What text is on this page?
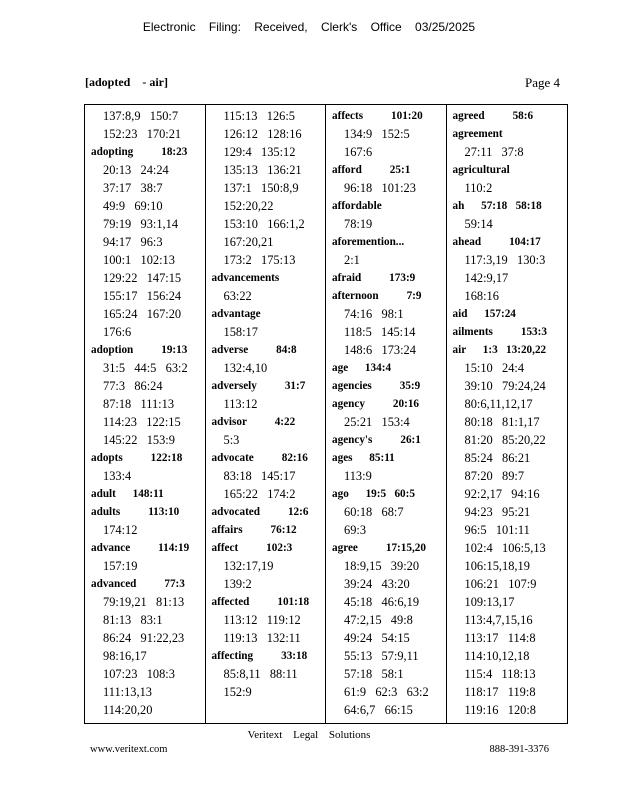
Electronic Filing: Received, Clerk's Office 03/25/2025
[adopted    - air]	Page 4
137:8,9   150:7
152:23   170:21
adopting          18:23
20:13   24:24
37:17   38:7
49:9   69:10
79:19   93:1,14
94:17   96:3
100:1   102:13
129:22   147:15
155:17   156:24
165:24   167:20
176:6
adoption          19:13
31:5   44:5   63:2
77:3   86:24
87:18   111:13
114:23   122:15
145:22   153:9
adopts          122:18
133:4
adult      148:11
adults          113:10
174:12
advance          114:19
157:19
advanced          77:3
79:19,21   81:13
81:13   83:1
86:24   91:22,23
98:16,17
107:23   108:3
111:13,13
114:20,20
115:13   126:5
126:12   128:16
129:4   135:12
135:13   136:21
137:1   150:8,9
152:20,22
153:10   166:1,2
167:20,21
173:2   175:13
advancements
63:22
advantage
158:17
adverse          84:8
132:4,10
adversely          31:7
113:12
advisor          4:22
5:3
advocate          82:16
83:18   145:17
165:22   174:2
advocated          12:6
affairs          76:12
affect          102:3
132:17,19
139:2
affected          101:18
113:12   119:12
119:13   132:11
affecting          33:18
85:8,11   88:11
152:9
affects          101:20
134:9   152:5
167:6
afford          25:1
96:18   101:23
affordable
78:19
aforemention...
2:1
afraid          173:9
afternoon          7:9
74:16   98:1
118:5   145:14
148:6   173:24
age      134:4
agencies          35:9
agency          20:16
25:21   153:4
agency's          26:1
ages      85:11
113:9
ago      19:5   60:5
60:18   68:7
69:3
agree          17:15,20
18:9,15   39:20
39:24   43:20
45:18   46:6,19
47:2,15   49:8
49:24   54:15
55:13   57:9,11
57:18   58:1
61:9   62:3   63:2
64:6,7   66:15
agreed          58:6
agreement
27:11   37:8
agricultural
110:2
ah      57:18   58:18
59:14
ahead          104:17
117:3,19   130:3
142:9,17
168:16
aid      157:24
ailments          153:3
air      1:3   13:20,22
15:10   24:4
39:10   79:24,24
80:6,11,12,17
80:18   81:1,17
81:20   85:20,22
85:24   86:21
87:20   89:7
92:2,17   94:16
94:23   95:21
96:5   101:11
102:4   106:5,13
106:15,18,19
106:21   107:9
109:13,17
113:4,7,15,16
113:17   114:8
114:10,12,18
115:4   118:13
118:17   119:8
119:16   120:8
Veritext Legal Solutions
www.veritext.com	888-391-3376
